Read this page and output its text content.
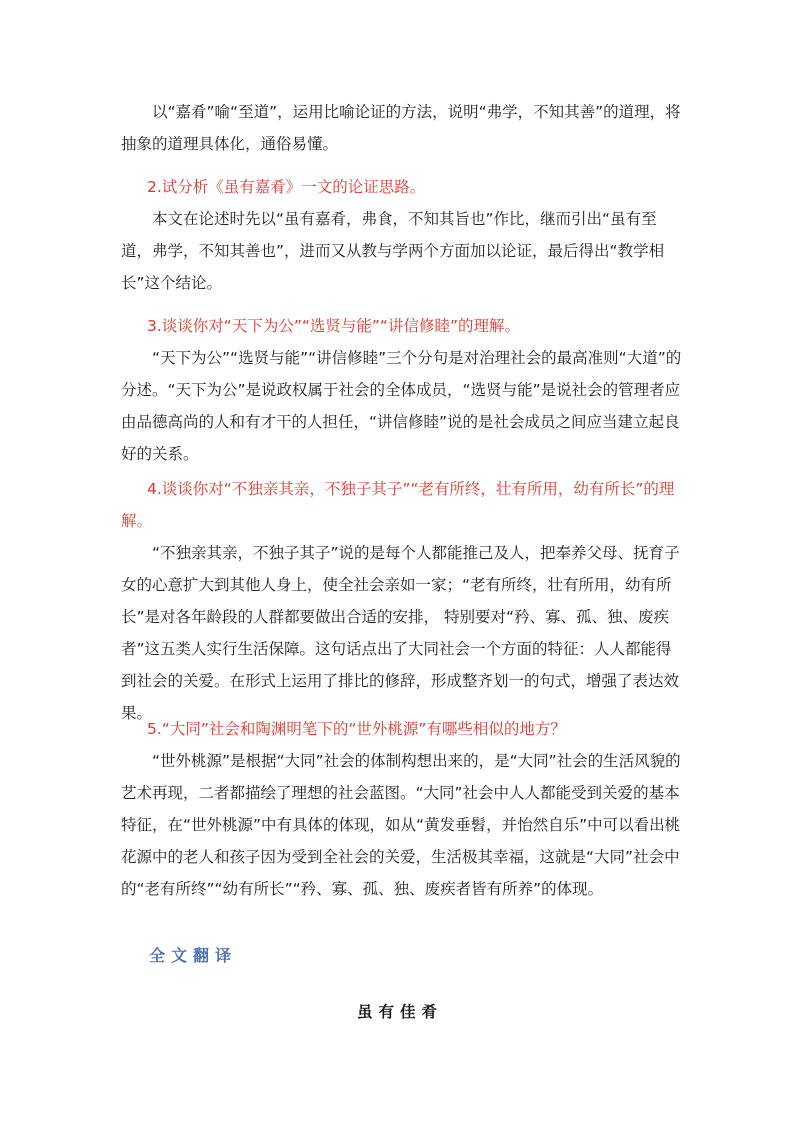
以“嘉肴”喻“至道”，运用比喻论证的方法，说明“弗学，不知其善”的道理，将抽象的道理具体化，通俗易懂。

2.试分析《虽有嘉肴》一文的论证思路。

本文在论述时先以“虽有嘉肴，弗食，不知其旨也”作比，继而引出“虽有至道，弗学，不知其善也”，进而又从教与学两个方面加以论证，最后得出“教学相长”这个结论。

3.谈谈你对“天下为公”“选贤与能”“讲信修睦”的理解。

“天下为公”“选贤与能”“讲信修睦”三个分句是对治理社会的最高准则“大道”的分述。“天下为公”是说政权属于社会的全体成员，“选贤与能”是说社会的管理者应由品德高尚的人和有才干的人担任，“讲信修睦”说的是社会成员之间应当建立起良好的关系。

4.谈谈你对“不独亲其亲，不独子其子”“老有所终，壮有所用，幼有所长”的理解。

“不独亲其亲，不独子其子”说的是每个人都能推己及人，把奉养父母、抚育子女的心意扩大到其他人身上，使全社会亲如一家；“老有所终，壮有所用，幼有所长”是对各年龄段的人群都要做出合适的安排， 特别要对“矜、寡、孤、独、废疾者”这五类人实行生活保障。这句话点出了大同社会一个方面的特征：人人都能得到社会的关爱。在形式上运用了排比的修辞，形成整齐划一的句式，增强了表达效果。

5.“大同”社会和陶渊明笔下的“世外桃源”有哪些相似的地方？

“世外桃源”是根据“大同”社会的体制构想出来的，是“大同”社会的生活风貌的艺术再现，二者都描绘了理想的社会蓝图。“大同”社会中人人都能受到关爱的基本特征，在“世外桃源”中有具体的体现，如从“黄发垂髫，并怡然自乐”中可以看出桃花源中的老人和孩子因为受到全社会的关爱，生活极其幸福，这就是“大同”社会中的“老有所终”“幼有所长”“矜、寡、孤、独、废疾者皆有所养”的体现。

全文翻译
虽有佳肴
